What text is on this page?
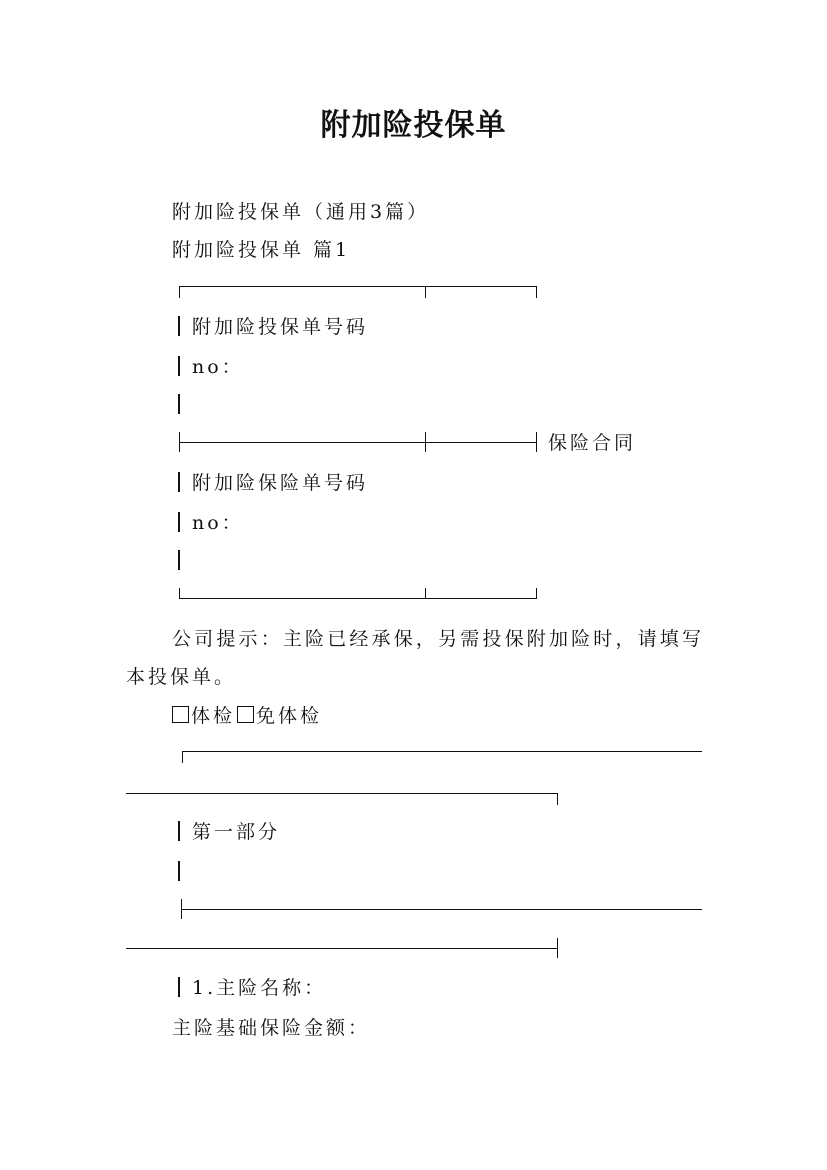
附加险投保单
附加险投保单（通用3篇）
附加险投保单 篇1
附加险投保单号码
no：
保险合同
附加险保险单号码
no：
公司提示：主险已经承保，另需投保附加险时，请填写本投保单。
体检 免体检
第一部分
1.主险名称：
主险基础保险金额：
